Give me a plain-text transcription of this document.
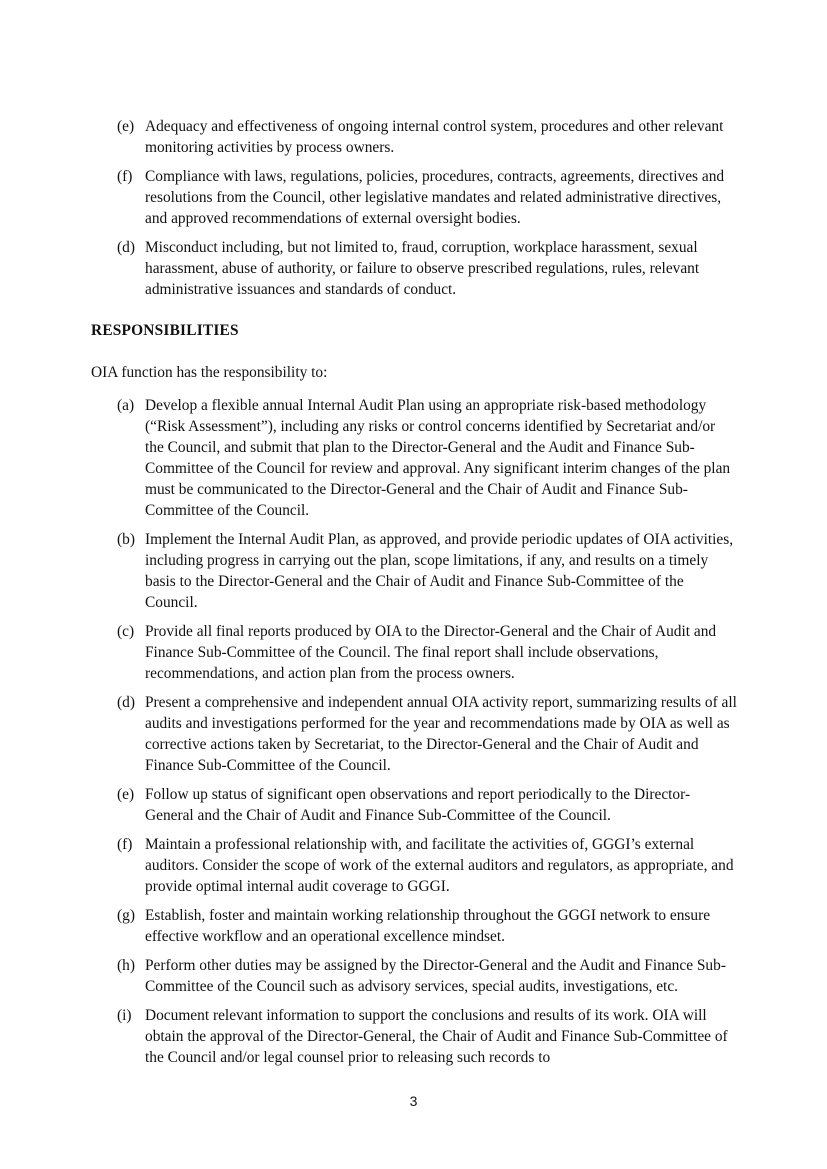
(e) Adequacy and effectiveness of ongoing internal control system, procedures and other relevant monitoring activities by process owners.
(f) Compliance with laws, regulations, policies, procedures, contracts, agreements, directives and resolutions from the Council, other legislative mandates and related administrative directives, and approved recommendations of external oversight bodies.
(d) Misconduct including, but not limited to, fraud, corruption, workplace harassment, sexual harassment, abuse of authority, or failure to observe prescribed regulations, rules, relevant administrative issuances and standards of conduct.
RESPONSIBILITIES

OIA function has the responsibility to:

(a) Develop a flexible annual Internal Audit Plan using an appropriate risk-based methodology (“Risk Assessment”), including any risks or control concerns identified by Secretariat and/or the Council, and submit that plan to the Director-General and the Audit and Finance Sub-Committee of the Council for review and approval. Any significant interim changes of the plan must be communicated to the Director-General and the Chair of Audit and Finance Sub-Committee of the Council.
(b) Implement the Internal Audit Plan, as approved, and provide periodic updates of OIA activities, including progress in carrying out the plan, scope limitations, if any, and results on a timely basis to the Director-General and the Chair of Audit and Finance Sub-Committee of the Council.
(c) Provide all final reports produced by OIA to the Director-General and the Chair of Audit and Finance Sub-Committee of the Council. The final report shall include observations, recommendations, and action plan from the process owners.
(d) Present a comprehensive and independent annual OIA activity report, summarizing results of all audits and investigations performed for the year and recommendations made by OIA as well as corrective actions taken by Secretariat, to the Director-General and the Chair of Audit and Finance Sub-Committee of the Council.
(e) Follow up status of significant open observations and report periodically to the Director-General and the Chair of Audit and Finance Sub-Committee of the Council.
(f) Maintain a professional relationship with, and facilitate the activities of, GGGI’s external auditors. Consider the scope of work of the external auditors and regulators, as appropriate, and provide optimal internal audit coverage to GGGI.
(g) Establish, foster and maintain working relationship throughout the GGGI network to ensure effective workflow and an operational excellence mindset.
(h) Perform other duties may be assigned by the Director-General and the Audit and Finance Sub-Committee of the Council such as advisory services, special audits, investigations, etc.
(i) Document relevant information to support the conclusions and results of its work. OIA will obtain the approval of the Director-General, the Chair of Audit and Finance Sub-Committee of the Council and/or legal counsel prior to releasing such records to
3
